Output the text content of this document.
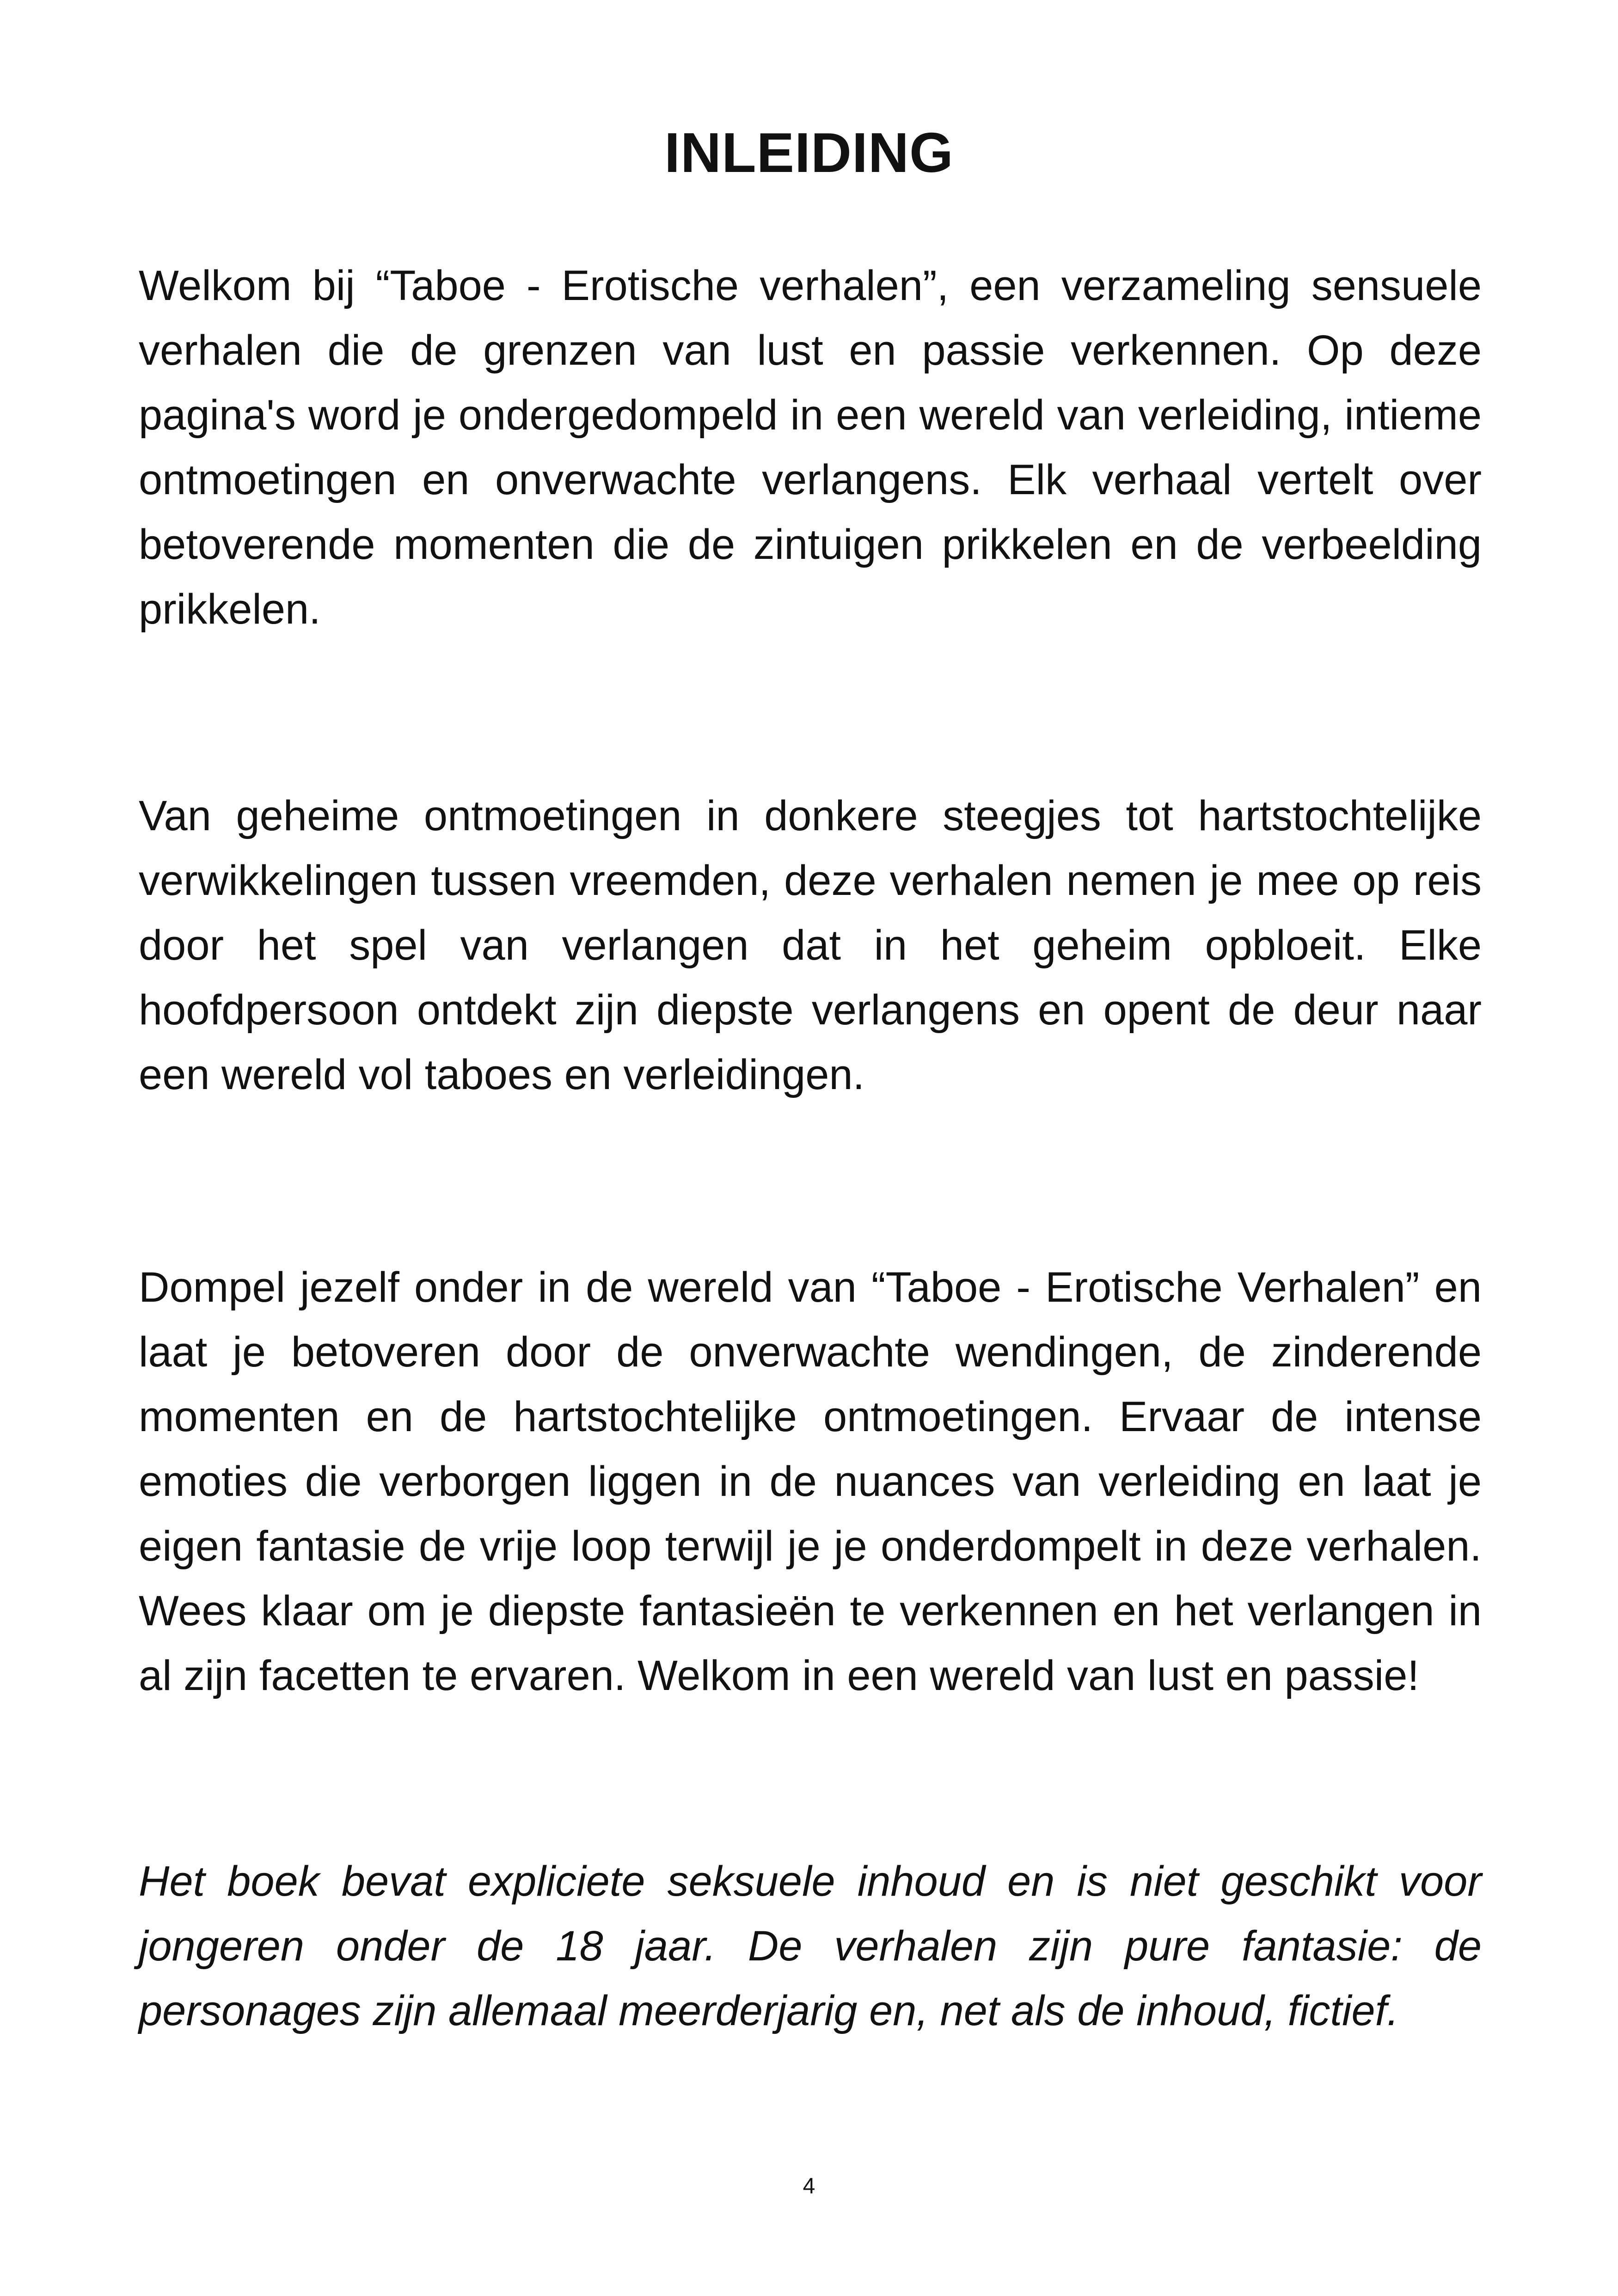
INLEIDING

Welkom bij “Taboe - Erotische verhalen”, een verzameling sensuele verhalen die de grenzen van lust en passie verkennen. Op deze pagina's word je ondergedompeld in een wereld van verleiding, intieme ontmoetingen en onverwachte verlangens. Elk verhaal vertelt over betoverende momenten die de zintuigen prikkelen en de verbeelding prikkelen.

Van geheime ontmoetingen in donkere steegjes tot hartstochtelijke verwikkelingen tussen vreemden, deze verhalen nemen je mee op reis door het spel van verlangen dat in het geheim opbloeit. Elke hoofdpersoon ontdekt zijn diepste verlangens en opent de deur naar een wereld vol taboes en verleidingen.

Dompel jezelf onder in de wereld van “Taboe - Erotische Verhalen” en laat je betoveren door de onverwachte wendingen, de zinderende momenten en de hartstochtelijke ontmoetingen. Ervaar de intense emoties die verborgen liggen in de nuances van verleiding en laat je eigen fantasie de vrije loop terwijl je je onderdompelt in deze verhalen. Wees klaar om je diepste fantasieën te verkennen en het verlangen in al zijn facetten te ervaren. Welkom in een wereld van lust en passie!

Het boek bevat expliciete seksuele inhoud en is niet geschikt voor jongeren onder de 18 jaar. De verhalen zijn pure fantasie: de personages zijn allemaal meerderjarig en, net als de inhoud, fictief.

4
